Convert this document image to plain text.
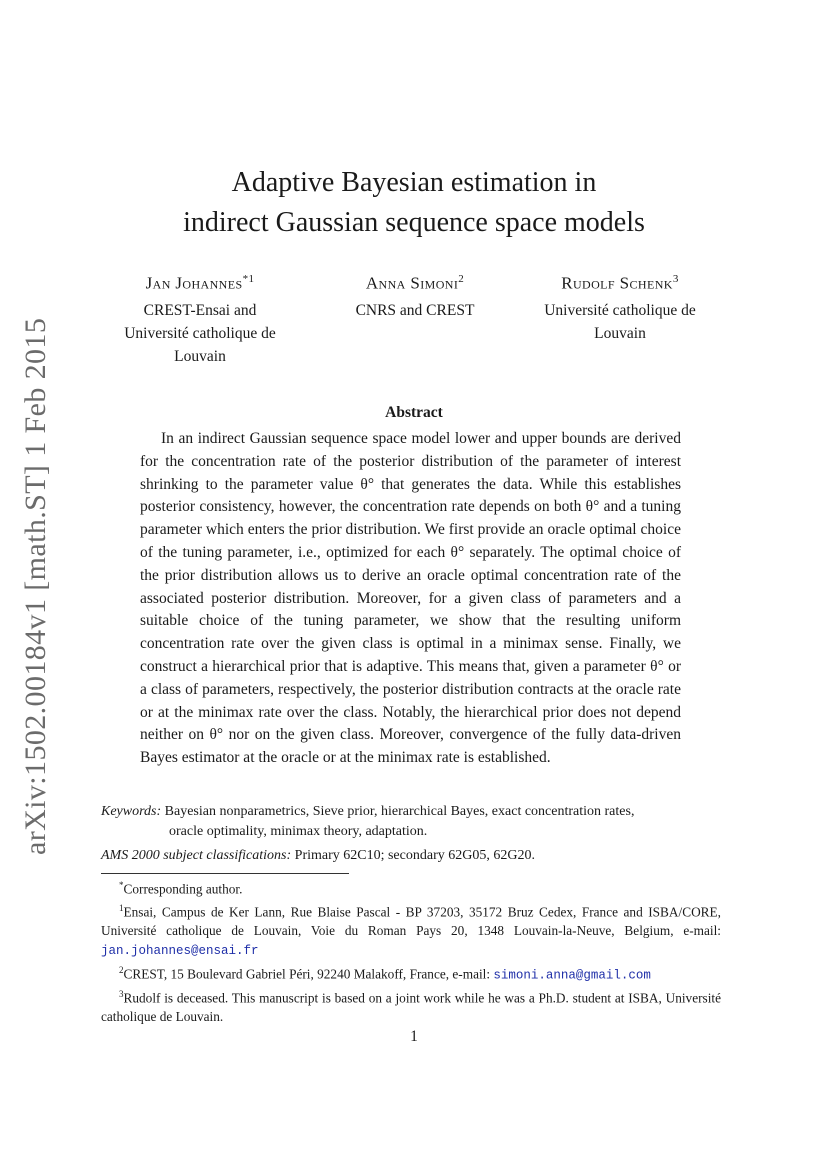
arXiv:1502.00184v1 [math.ST] 1 Feb 2015
Adaptive Bayesian estimation in
indirect Gaussian sequence space models
Jan Johannes$^{*1}$
CREST-Ensai and Université catholique de Louvain
Anna Simoni$^2$
CNRS and CREST
Rudolf Schenk$^3$
Université catholique de Louvain
Abstract

In an indirect Gaussian sequence space model lower and upper bounds are derived for the concentration rate of the posterior distribution of the parameter of interest shrinking to the parameter value θ° that generates the data. While this establishes posterior consistency, however, the concentration rate depends on both θ° and a tuning parameter which enters the prior distribution. We first provide an oracle optimal choice of the tuning parameter, i.e., optimized for each θ° separately. The optimal choice of the prior distribution allows us to derive an oracle optimal concentration rate of the associated posterior distribution. Moreover, for a given class of parameters and a suitable choice of the tuning parameter, we show that the resulting uniform concentration rate over the given class is optimal in a minimax sense. Finally, we construct a hierarchical prior that is adaptive. This means that, given a parameter θ° or a class of parameters, respectively, the posterior distribution contracts at the oracle rate or at the minimax rate over the class. Notably, the hierarchical prior does not depend neither on θ° nor on the given class. Moreover, convergence of the fully data-driven Bayes estimator at the oracle or at the minimax rate is established.

Keywords: Bayesian nonparametrics, Sieve prior, hierarchical Bayes, exact concentration rates,
oracle optimality, minimax theory, adaptation.
AMS 2000 subject classifications: Primary 62C10; secondary 62G05, 62G20.

*Corresponding author.

$^1$Ensai, Campus de Ker Lann, Rue Blaise Pascal - BP 37203, 35172 Bruz Cedex, France and ISBA/CORE, Université catholique de Louvain, Voie du Roman Pays 20, 1348 Louvain-la-Neuve, Belgium, e-mail: jan.johannes@ensai.fr

$^2$CREST, 15 Boulevard Gabriel Péri, 92240 Malakoff, France, e-mail: simoni.anna@gmail.com

$^3$Rudolf is deceased. This manuscript is based on a joint work while he was a Ph.D. student at ISBA, Université catholique de Louvain.

1
